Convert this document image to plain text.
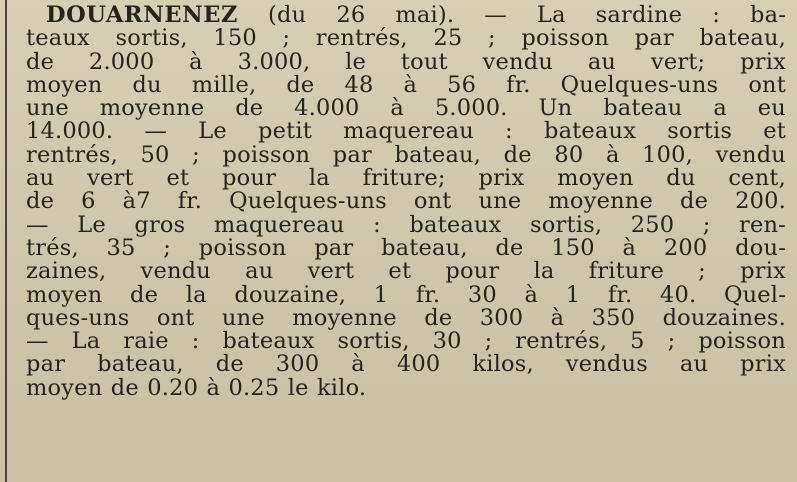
DOUARNENEZ (du 26 mai). — La sardine : ba-
teaux sortis, 150 ; rentrés, 25 ; poisson par bateau,
de 2.000 à 3.000, le tout vendu au vert; prix
moyen du mille, de 48 à 56 fr. Quelques-uns ont
une moyenne de 4.000 à 5.000. Un bateau a eu
14.000. — Le petit maquereau : bateaux sortis et
rentrés, 50 ; poisson par bateau, de 80 à 100, vendu
au vert et pour la friture; prix moyen du cent,
de 6 à7 fr. Quelques-uns ont une moyenne de 200.
— Le gros maquereau : bateaux sortis, 250 ; ren-
trés, 35 ; poisson par bateau, de 150 à 200 dou-
zaines, vendu au vert et pour la friture ; prix
moyen de la douzaine, 1 fr. 30 à 1 fr. 40. Quel-
ques-uns ont une moyenne de 300 à 350 douzaines.
— La raie : bateaux sortis, 30 ; rentrés, 5 ; poisson
par bateau, de 300 à 400 kilos, vendus au prix
moyen de 0.20 à 0.25 le kilo.
